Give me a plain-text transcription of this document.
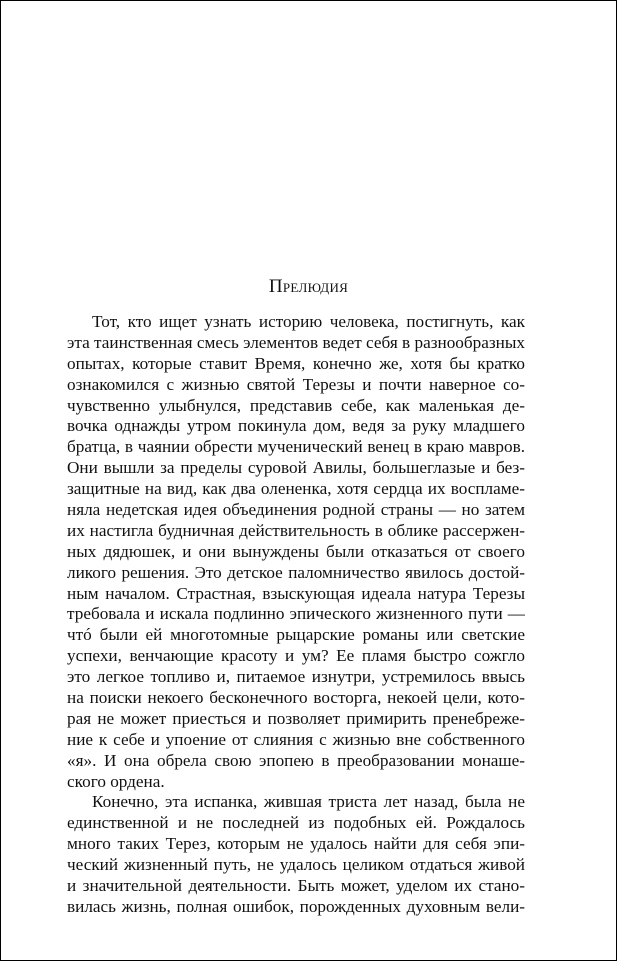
Прелюдия
Тот, кто ищет узнать историю человека, постигнуть, как
эта таинственная смесь элементов ведет себя в разнообразных
опытах, которые ставит Время, конечно же, хотя бы кратко
ознакомился с жизнью святой Терезы и почти наверное со-
чувственно улыбнулся, представив себе, как маленькая де-
вочка однажды утром покинула дом, ведя за руку младшего
братца, в чаянии обрести мученический венец в краю мавров.
Они вышли за пределы суровой Авилы, большеглазые и без-
защитные на вид, как два олененка, хотя сердца их воспламе-
няла недетская идея объединения родной страны — но затем
их настигла будничная действительность в облике рассержен-
ных дядюшек, и они вынуждены были отказаться от своего
ликого решения. Это детское паломничество явилось достой-
ным началом. Страстная, взыскующая идеала натура Терезы
требовала и искала подлинно эпического жизненного пути —
чтó были ей многотомные рыцарские романы или светские
успехи, венчающие красоту и ум? Ее пламя быстро сожгло
это легкое топливо и, питаемое изнутри, устремилось ввысь
на поиски некоего бесконечного восторга, некоей цели, кото-
рая не может приесться и позволяет примирить пренебреже-
ние к себе и упоение от слияния с жизнью вне собственного
«я». И она обрела свою эпопею в преобразовании монаше-
ского ордена.
Конечно, эта испанка, жившая триста лет назад, была не
единственной и не последней из подобных ей. Рождалось
много таких Терез, которым не удалось найти для себя эпи-
ческий жизненный путь, не удалось целиком отдаться живой
и значительной деятельности. Быть может, уделом их стано-
вилась жизнь, полная ошибок, порожденных духовным вели-
